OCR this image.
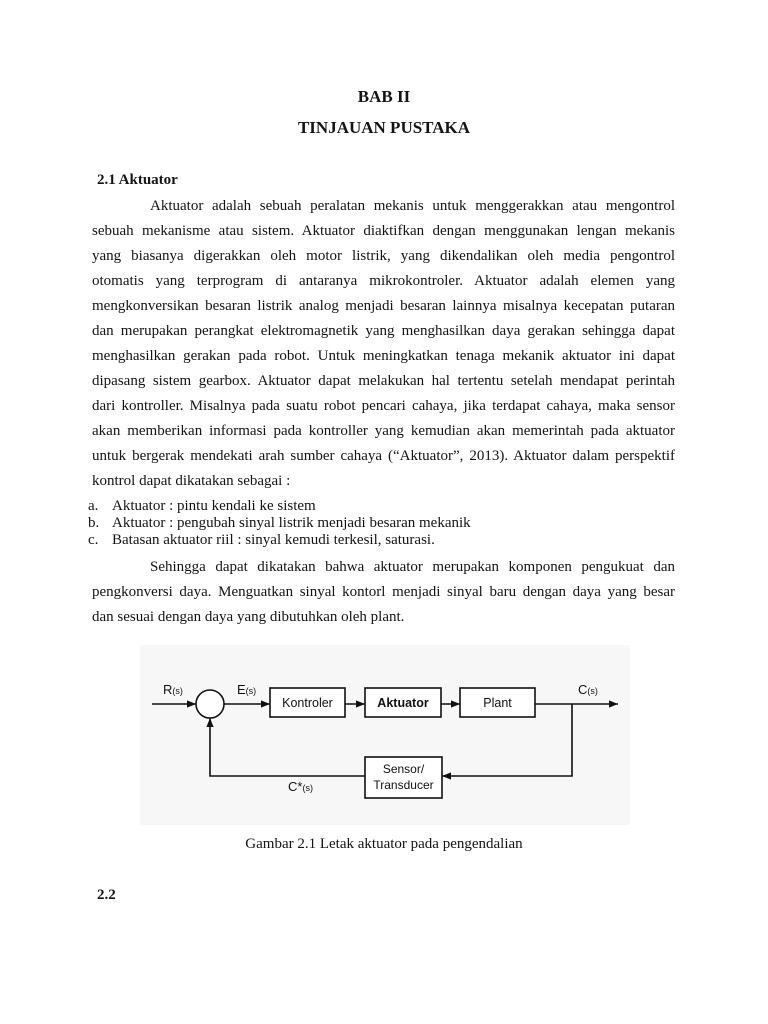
BAB II
TINJAUAN PUSTAKA
2.1 Aktuator
Aktuator adalah sebuah peralatan mekanis untuk menggerakkan atau mengontrol
sebuah mekanisme atau sistem. Aktuator diaktifkan dengan menggunakan lengan mekanis
yang biasanya digerakkan oleh motor listrik, yang dikendalikan oleh media pengontrol
otomatis yang terprogram di antaranya mikrokontroler. Aktuator adalah elemen yang
mengkonversikan besaran listrik analog menjadi besaran lainnya misalnya kecepatan putaran
dan merupakan perangkat elektromagnetik yang menghasilkan daya gerakan sehingga dapat
menghasilkan gerakan pada robot. Untuk meningkatkan tenaga mekanik aktuator ini dapat
dipasang sistem gearbox. Aktuator dapat melakukan hal tertentu setelah mendapat perintah
dari kontroller. Misalnya pada suatu robot pencari cahaya, jika terdapat cahaya, maka sensor
akan memberikan informasi pada kontroller yang kemudian akan memerintah pada aktuator
untuk bergerak mendekati arah sumber cahaya (“Aktuator”, 2013). Aktuator dalam perspektif
kontrol dapat dikatakan sebagai :
a. Aktuator : pintu kendali ke sistem
b. Aktuator : pengubah sinyal listrik menjadi besaran mekanik
c. Batasan aktuator riil : sinyal kemudi terkesil, saturasi.
Sehingga dapat dikatakan bahwa aktuator merupakan komponen pengukuat dan
pengkonversi daya. Menguatkan sinyal kontorl menjadi sinyal baru dengan daya yang besar
dan sesuai dengan daya yang dibutuhkan oleh plant.
Kontroler	Aktuator	Plant
Sensor/
Transducer
R(s)	E(s)	C(s)
C*(s)
Gambar 2.1 Letak aktuator pada pengendalian
2.2
